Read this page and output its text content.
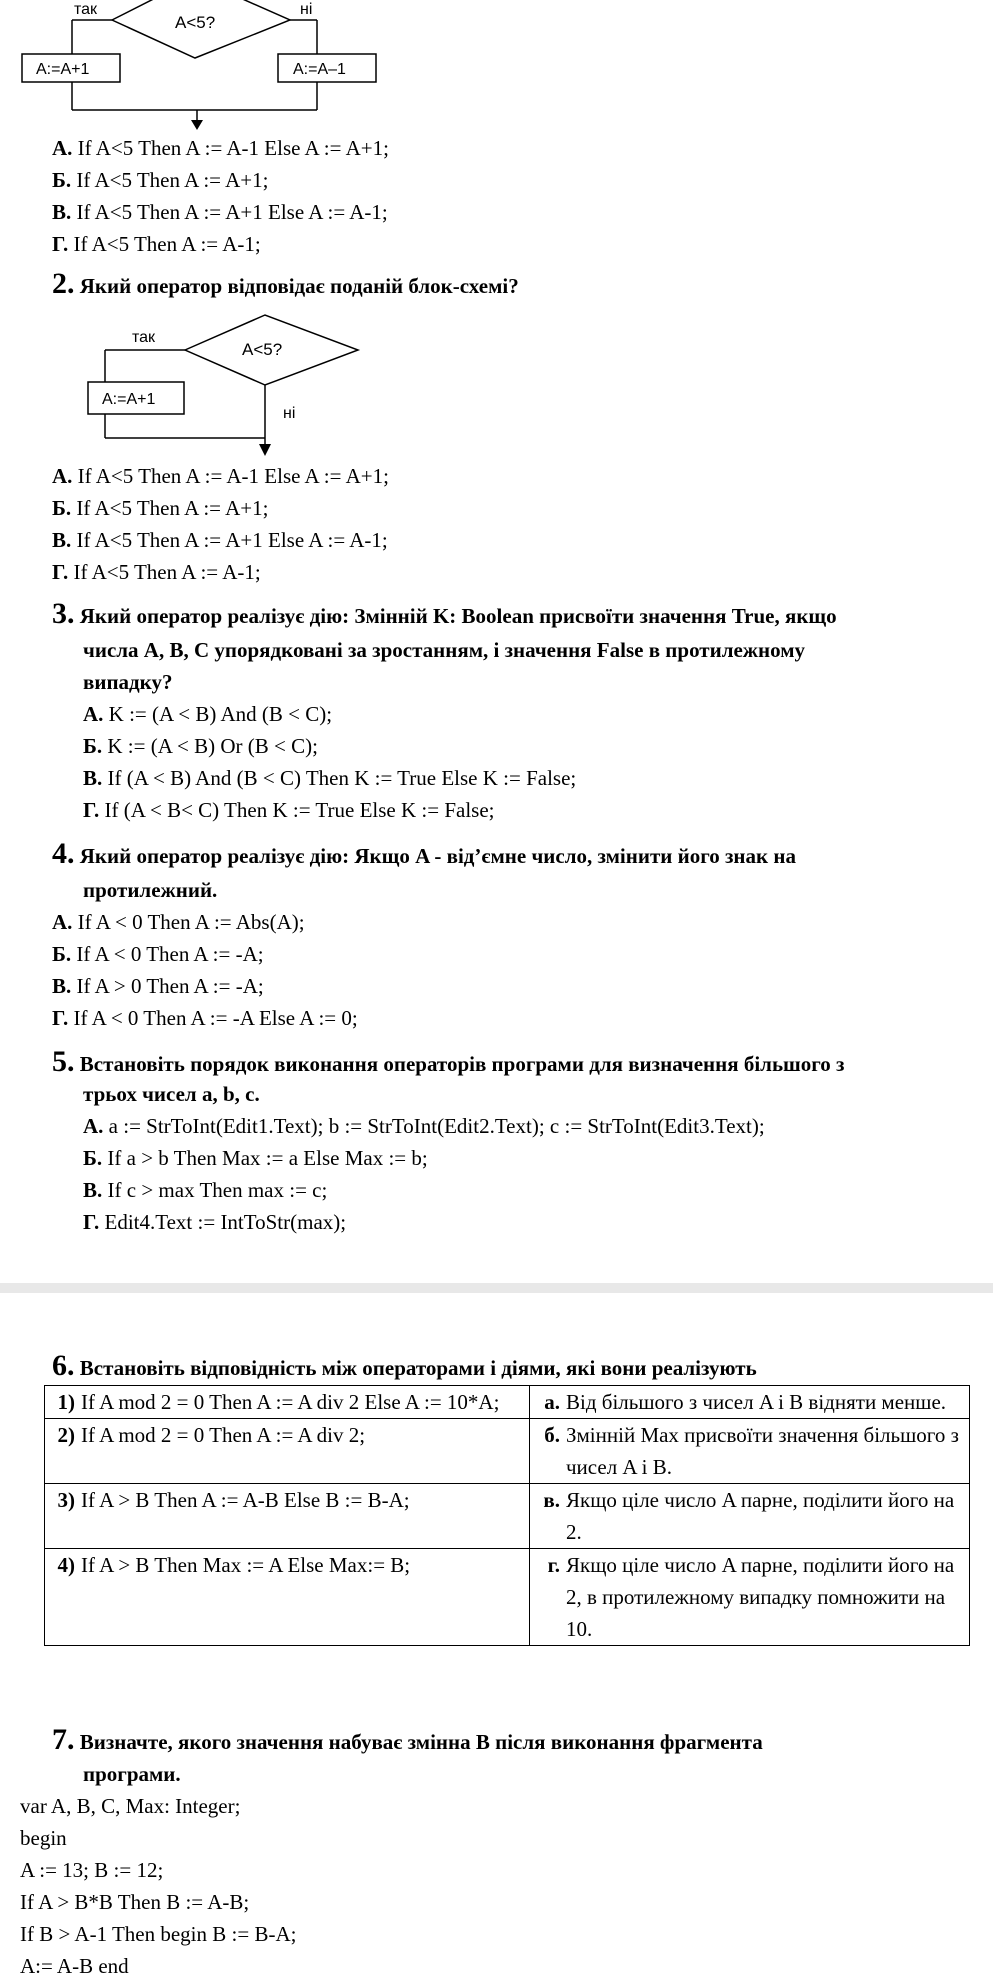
A<5?
так	ні
A:=A+1	A:=A–1
А. If A<5 Then A := A-1 Else A := A+1;
Б. If A<5 Then A := A+1;
В. If A<5 Then A := A+1 Else A := A-1;
Г. If A<5 Then A := A-1;
2. Який оператор відповідає поданій блок-схемі?
A<5?
так
A:=A+1
ні
А. If A<5 Then A := A-1 Else A := A+1;
Б. If A<5 Then A := A+1;
В. If A<5 Then A := A+1 Else A := A-1;
Г. If A<5 Then A := A-1;
3. Який оператор реалізує дію: Змінній K: Boolean присвоїти значення True, якщо
числа A, B, C упорядковані за зростанням, і значення False в протилежному
випадку?
А. K := (A < B) And (B < C);
Б. K := (A < B) Or (B < C);
В. If (A < B) And (B < C) Then K := True Else K := False;
Г. If (A < B< C) Then K := True Else K := False;
4. Який оператор реалізує дію: Якщо A - від’ємне число, змінити його знак на
протилежний.
А. If A < 0 Then A := Abs(A);
Б. If A < 0 Then A := -A;
В. If A > 0 Then A := -A;
Г. If A < 0 Then A := -A Else A := 0;
5. Встановіть порядок виконання операторів програми для визначення більшого з
трьох чисел a, b, c.
А. a := StrToInt(Edit1.Text); b := StrToInt(Edit2.Text); c := StrToInt(Edit3.Text);
Б. If a > b Then Max := a Else Max := b;
В. If c > max Then max := c;
Г. Edit4.Text := IntToStr(max);
6. Встановіть відповідність між операторами і діями, які вони реалізують
1) If A mod 2 = 0 Then A := A div 2 Else A := 10*A;	а. Від більшого з чисел A і B відняти менше.
2) If A mod 2 = 0 Then A := A div 2;	б. Змінній Max присвоїти значення більшого з чисел A і B.
3) If A > B Then A := A-B Else B := B-A;	в. Якщо ціле число A парне, поділити його на 2.
4) If A > B Then Max := A Else Max:= B;	г. Якщо ціле число A парне, поділити його на 2, в протилежному випадку помножити на 10.
7. Визначте, якого значення набуває змінна B після виконання фрагмента
програми.
var A, B, C, Max: Integer;
begin
A := 13; B := 12;
If A > B*B Then B := A-B;
If B > A-1 Then begin B := B-A;
A:= A-B end
